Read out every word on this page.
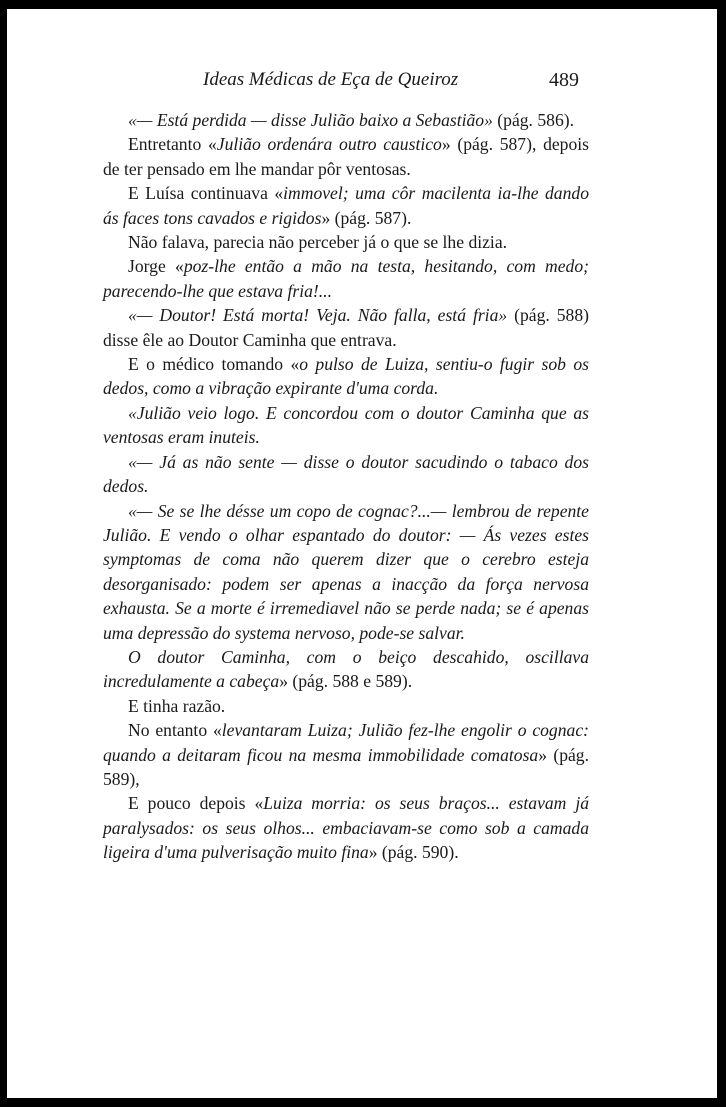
Ideas Médicas de Eça de Queiroz	489

«— Está perdida — disse Julião baixo a Sebastião» (pág. 586).

Entretanto «Julião ordenára outro caustico» (pág. 587), depois de ter pensado em lhe mandar pôr ventosas.

E Luísa continuava «immovel; uma côr macilenta ia-lhe dando ás faces tons cavados e rigidos» (pág. 587).

Não falava, parecia não perceber já o que se lhe dizia.

Jorge «poz-lhe então a mão na testa, hesitando, com medo; parecendo-lhe que estava fria!...

«— Doutor! Está morta! Veja. Não falla, está fria» (pág. 588) disse êle ao Doutor Caminha que entrava.

E o médico tomando «o pulso de Luiza, sentiu-o fugir sob os dedos, como a vibração expirante d'uma corda.

«Julião veio logo. E concordou com o doutor Caminha que as ventosas eram inuteis.

«— Já as não sente — disse o doutor sacudindo o tabaco dos dedos.

«— Se se lhe désse um copo de cognac?...— lembrou de repente Julião. E vendo o olhar espantado do doutor: — Ás vezes estes symptomas de coma não querem dizer que o cerebro esteja desorganisado: podem ser apenas a inacção da força nervosa exhausta. Se a morte é irremediavel não se perde nada; se é apenas uma depressão do systema nervoso, pode-se salvar.

O doutor Caminha, com o beiço descahido, oscillava incredulamente a cabeça» (pág. 588 e 589).

E tinha razão.

No entanto «levantaram Luiza; Julião fez-lhe engolir o cognac: quando a deitaram ficou na mesma immobilidade comatosa» (pág. 589),

E pouco depois «Luiza morria: os seus braços... estavam já paralysados: os seus olhos... embaciavam-se como sob a camada ligeira d'uma pulverisação muito fina» (pág. 590).
